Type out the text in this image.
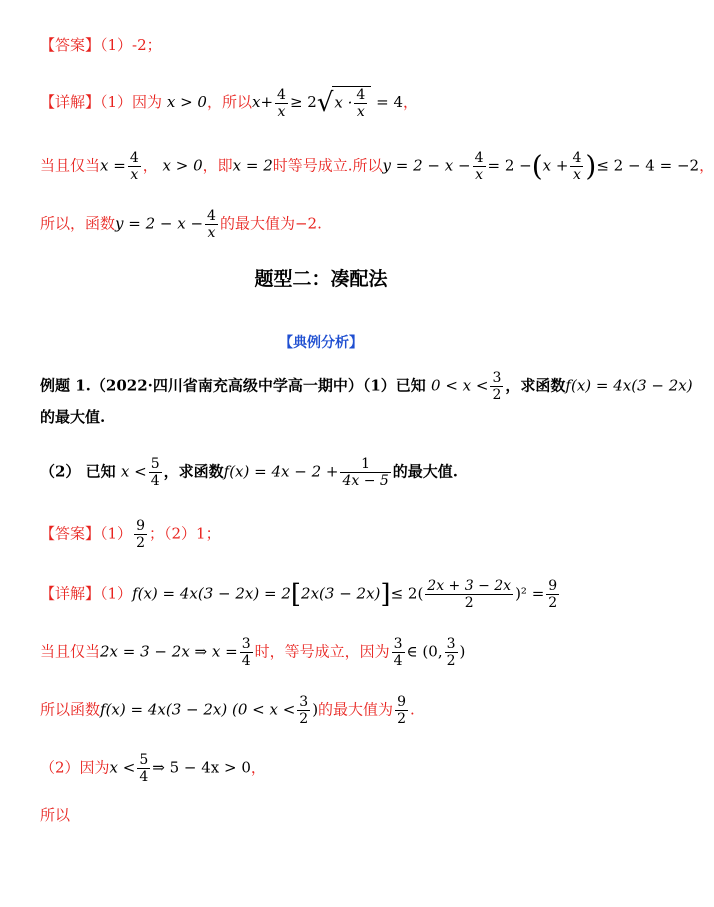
【答案】（1）-2；
【详解】（1）因为 x > 0，所以$x+ \frac{4}{x} \ge 2√x \cdot \frac{4}{x} = 4$，
当且仅当$x = \frac{4}{x}$ ， x > 0，即x = 2时等号成立.所以$y = 2 - x - \frac{4}{x} = 2 -(x + \frac{4}{x}$ )≤ 2 − 4 = −2，
所以，函数$y = 2 - x - \frac{4}{x}$ 的最大值为−2.
题型二：凑配法
【典例分析】
例题 1.（2022·四川省南充高级中学高一期中）（1）已知 $0 < x < \frac{3}{2}$ ，求函数f(x) = 4x(3 − 2x)
的最大值.
（2） 已知 $x < \frac{5}{4}$ ，求函数$f(x) = 4x - 2 + \frac{1}{4x - 5}$ 的最大值.
【答案】$(1) \frac{9}{2}$ ；（2）1；
【详解】$(1)f(x) = 4x(3 - 2x) = 2[2x(3 - 2x)]\le 2( \frac{2x + 3 - 2x}{2} )^2 = \frac{9}{2}$
当且仅当2x = 3 − 2x ⇒ $x = \frac{3}{4}$ 时，等号成立，因为 $\frac{3}{4}$ ∈ (0, $\frac{3}{2}$ )
所以函数f(x) = 4x(3 − 2x) ($0 < x < \frac{3}{2}$ )的最大值为 $\frac{9}{2}$ .
（2）因为$x < \frac{5}{4}$ ⇒ 5 − 4x > 0，
所以
